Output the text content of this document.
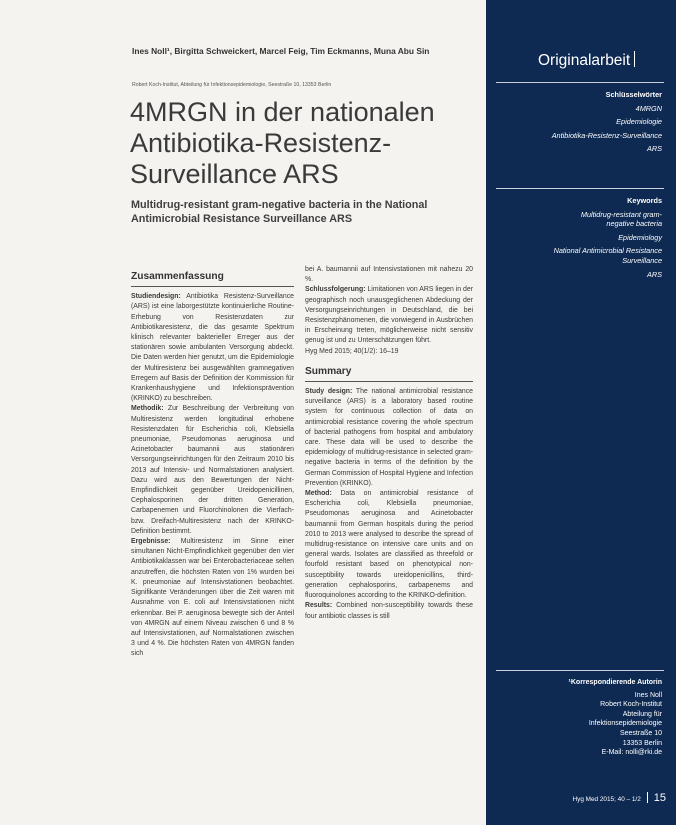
Ines Noll¹, Birgitta Schweickert, Marcel Feig, Tim Eckmanns, Muna Abu Sin
Robert Koch-Institut, Abteilung für Infektionsepidemiologie, Seestraße 10, 13353 Berlin
4MRGN in der nationalen Antibiotika-Resistenz-Surveillance ARS
Multidrug-resistant gram-negative bacteria in the National Antimicrobial Resistance Surveillance ARS
Zusammenfassung

Studiendesign: Antibiotika Resistenz-Surveillance (ARS) ist eine laborgestützte kontinuierliche Routine-Erhebung von Resistenzdaten zur Antibiotikaresistenz, die das gesamte Spektrum klinisch relevanter bakterieller Erreger aus der stationären sowie ambulanten Versorgung abdeckt. Die Daten werden hier genutzt, um die Epidemiologie der Multiresistenz bei ausgewählten gramnegativen Erregern auf Basis der Definition der Kommission für Krankenhaushygiene und Infektionsprävention (KRINKO) zu beschreiben.

Methodik: Zur Beschreibung der Verbreitung von Multiresistenz werden longitudinal erhobene Resistenzdaten für Escherichia coli, Klebsiella pneumoniae, Pseudomonas aeruginosa und Acinetobacter baumannii aus stationären Versorgungseinrichtungen für den Zeitraum 2010 bis 2013 auf Intensiv- und Normalstationen analysiert. Dazu wird aus den Bewertungen der Nicht-Empfindlichkeit gegenüber Ureidopenicillinen, Cephalosporinen der dritten Generation, Carbapenemen und Fluorchinolonen die Vierfach- bzw. Dreifach-Multiresistenz nach der KRINKO-Definition bestimmt.

Ergebnisse: Multiresistenz im Sinne einer simultanen Nicht-Empfindlichkeit gegenüber den vier Antibiotikaklassen war bei Enterobacteriaceae selten anzutreffen, die höchsten Raten von 1% wurden bei K. pneumoniae auf Intensivstationen beobachtet. Signifikante Veränderungen über die Zeit waren mit Ausnahme von E. coli auf Intensivstationen nicht erkennbar. Bei P. aeruginosa bewegte sich der Anteil von 4MRGN auf einem Niveau zwischen 6 und 8 % auf Intensivstationen, auf Normalstationen zwischen 3 und 4 %. Die höchsten Raten von 4MRGN fanden sich

bei A. baumannii auf Intensivstationen mit nahezu 20 %.

Schlussfolgerung: Limitationen von ARS liegen in der geographisch noch unausgeglichenen Abdeckung der Versorgungseinrichtungen in Deutschland, die bei Resistenzphänomenen, die vorwiegend in Ausbrüchen in Erscheinung treten, möglicherweise nicht sensitiv genug ist und zu Unterschätzungen führt.

Hyg Med 2015; 40(1/2): 16–19

Summary

Study design: The national antimicrobial resistance surveillance (ARS) is a laboratory based routine system for continuous collection of data on antimicrobial resistance covering the whole spectrum of bacterial pathogens from hospital and ambulatory care. These data will be used to describe the epidemiology of multidrug-resistance in selected gram-negative bacteria in terms of the definition by the German Commission of Hospital Hygiene and Infection Prevention (KRINKO).

Method: Data on antimicrobial resistance of Escherichia coli, Klebsiella pneumoniae, Pseudomonas aeruginosa and Acinetobacter baumannii from German hospitals during the period 2010 to 2013 were analysed to describe the spread of multidrug-resistance on intensive care units and on general wards. Isolates are classified as threefold or fourfold resistant based on phenotypical non-susceptibility towards ureidopenicillins, third-generation cephalosporins, carbapenems and fluoroquinolones according to the KRINKO-definition.

Results: Combined non-susceptibility towards these four antibiotic classes is still

Originalarbeit
Schlüsselwörter
4MRGN
Epidemiologie
Antibiotika-Resistenz-Surveillance
ARS
Keywords
Multidrug-resistant gram-negative bacteria
Epidemiology
National Antimicrobial Resistance Surveillance
ARS
¹Korrespondierende Autorin
Ines Noll
Robert Koch-Institut
Abteilung für
Infektionsepidemiologie
Seestraße 10
13353 Berlin
E-Mail: nolli@rki.de
Hyg Med 2015; 40 – 1/2 15
